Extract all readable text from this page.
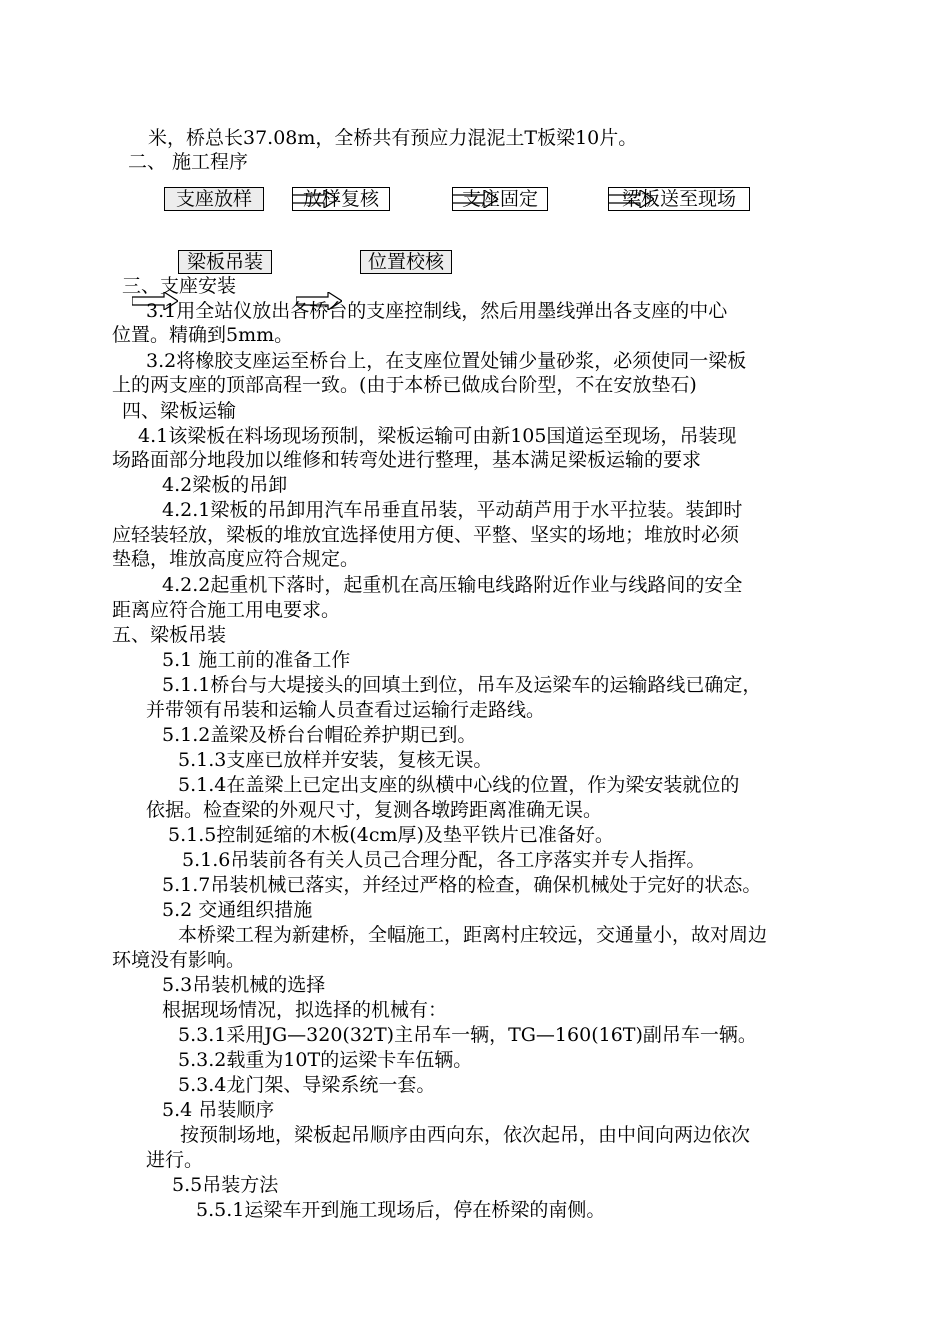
米，桥总长37.08m，全桥共有预应力混泥土T板梁10片。
二、 施工程序
支座放样	放样复核	支座固定	梁板送至现场
梁板吊装	位置校核
三、支座安装
3.1用全站仪放出各桥台的支座控制线，然后用墨线弹出各支座的中心
位置。精确到5mm。
3.2将橡胶支座运至桥台上，在支座位置处铺少量砂浆，必须使同一梁板
上的两支座的顶部高程一致。(由于本桥已做成台阶型，不在安放垫石)
四、梁板运输
4.1该梁板在料场现场预制，梁板运输可由新105国道运至现场，吊装现
场路面部分地段加以维修和转弯处进行整理，基本满足梁板运输的要求
4.2梁板的吊卸
4.2.1梁板的吊卸用汽车吊垂直吊装，平动葫芦用于水平拉装。装卸时
应轻装轻放，梁板的堆放宜选择使用方便、平整、坚实的场地；堆放时必须
垫稳，堆放高度应符合规定。
4.2.2起重机下落时，起重机在高压输电线路附近作业与线路间的安全
距离应符合施工用电要求。
五、梁板吊装
5.1 施工前的准备工作
5.1.1桥台与大堤接头的回填土到位，吊车及运梁车的运输路线已确定，
并带领有吊装和运输人员查看过运输行走路线。
5.1.2盖梁及桥台台帽砼养护期已到。
5.1.3支座已放样并安装，复核无误。
5.1.4在盖梁上已定出支座的纵横中心线的位置，作为梁安装就位的
依据。检查梁的外观尺寸，复测各墩跨距离准确无误。
5.1.5控制延缩的木板(4cm厚)及垫平铁片已准备好。
5.1.6吊装前各有关人员己合理分配，各工序落实并专人指挥。
5.1.7吊装机械已落实，并经过严格的检查，确保机械处于完好的状态。
5.2 交通组织措施
本桥梁工程为新建桥，全幅施工，距离村庄较远，交通量小，故对周边
环境没有影响。
5.3吊装机械的选择
根据现场情况，拟选择的机械有：
5.3.1采用JG—320(32T)主吊车一辆，TG—160(16T)副吊车一辆。
5.3.2载重为10T的运梁卡车伍辆。
5.3.4龙门架、导梁系统一套。
5.4 吊装顺序
按预制场地，梁板起吊顺序由西向东，依次起吊，由中间向两边依次
进行。
5.5吊装方法
5.5.1运梁车开到施工现场后，停在桥梁的南侧。
